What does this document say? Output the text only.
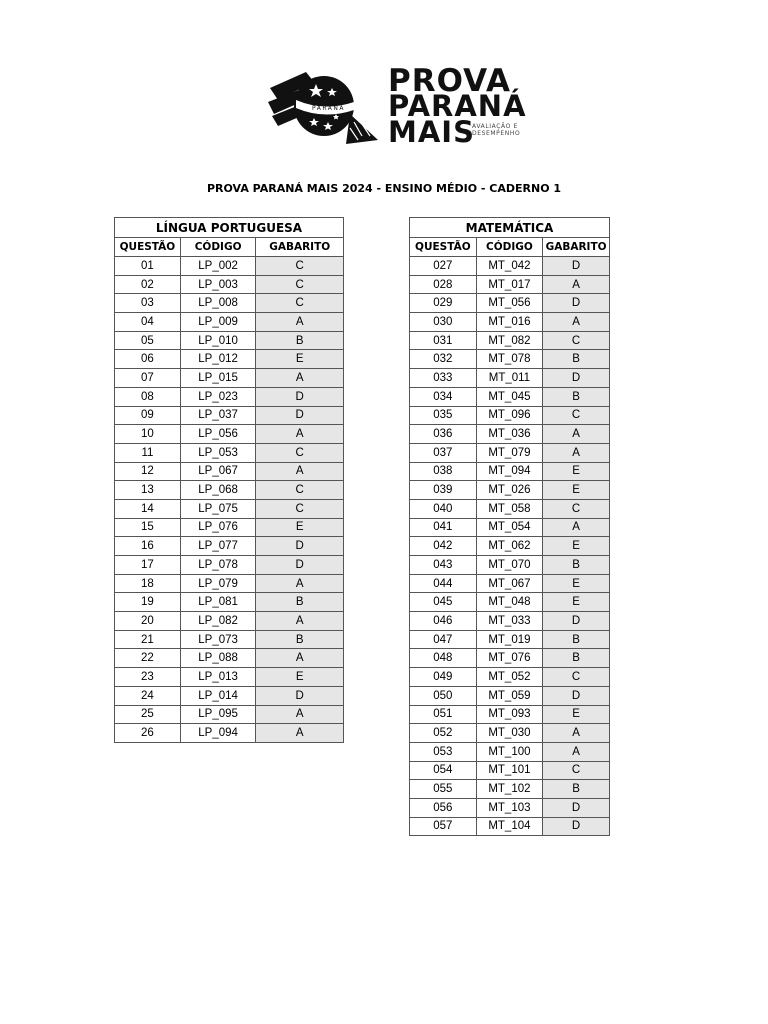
PARANÁ
PROVA
PARANÁ
MAIS
AVALIAÇÃO E DESEMPENHO
PROVA PARANÁ MAIS 2024 - ENSINO MÉDIO - CADERNO 1
LÍNGUA PORTUGUESA		
QUESTÃO	CÓDIGO	GABARITO
01	LP_002	C
02	LP_003	C
03	LP_008	C
04	LP_009	A
05	LP_010	B
06	LP_012	E
07	LP_015	A
08	LP_023	D
09	LP_037	D
10	LP_056	A
11	LP_053	C
12	LP_067	A
13	LP_068	C
14	LP_075	C
15	LP_076	E
16	LP_077	D
17	LP_078	D
18	LP_079	A
19	LP_081	B
20	LP_082	A
21	LP_073	B
22	LP_088	A
23	LP_013	E
24	LP_014	D
25	LP_095	A
26	LP_094	A
MATEMÁTICA		
QUESTÃO	CÓDIGO	GABARITO
027	MT_042	D
028	MT_017	A
029	MT_056	D
030	MT_016	A
031	MT_082	C
032	MT_078	B
033	MT_011	D
034	MT_045	B
035	MT_096	C
036	MT_036	A
037	MT_079	A
038	MT_094	E
039	MT_026	E
040	MT_058	C
041	MT_054	A
042	MT_062	E
043	MT_070	B
044	MT_067	E
045	MT_048	E
046	MT_033	D
047	MT_019	B
048	MT_076	B
049	MT_052	C
050	MT_059	D
051	MT_093	E
052	MT_030	A
053	MT_100	A
054	MT_101	C
055	MT_102	B
056	MT_103	D
057	MT_104	D
